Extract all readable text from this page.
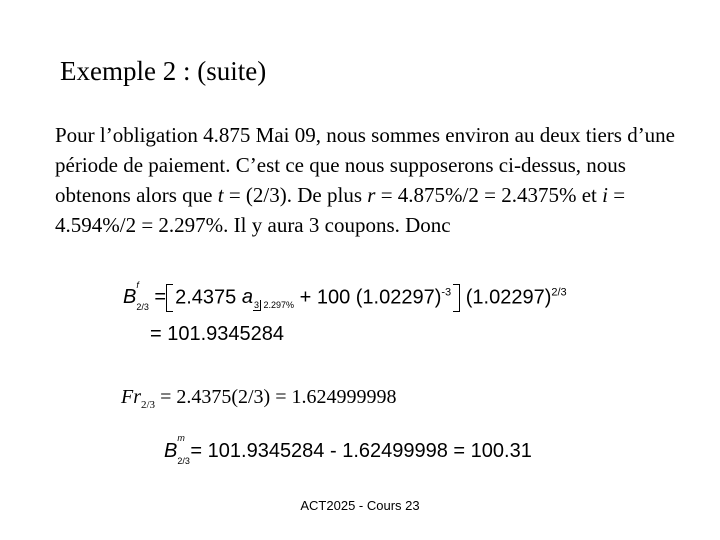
Exemple 2 : (suite)
Pour l’obligation 4.875 Mai 09, nous sommes environ au deux tiers d’une période de paiement. C’est ce que nous supposerons ci-dessus, nous obtenons alors que t = (2/3). De plus r = 4.875%/2 = 2.4375% et i = 4.594%/2 = 2.297%. Il y aura 3 coupons. Donc
$B^f$
2/3 = 2.4375 $a_{3 2.297\%} + 100$ $(1.02297)^{-3}$ $(1.02297)^{2/3}$
= 101.9345284
$Fr_{2/3} = 2.4375(2/3) = 1.624999998$
$B^m$
2/3 = 101.9345284 - 1.62499998 = 100.31
ACT2025 - Cours 23
